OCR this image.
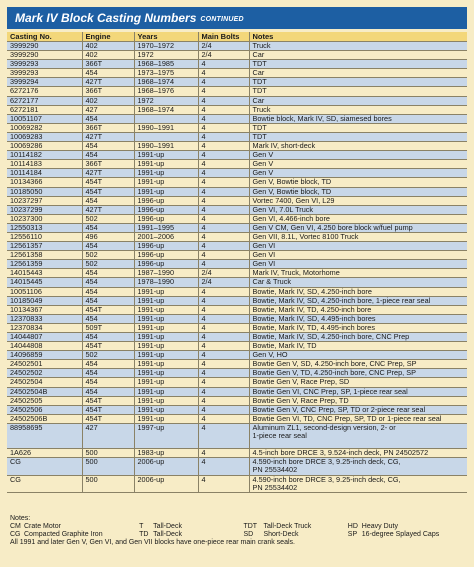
Mark IV Block Casting Numbers CONTINUED
Casting No.	Engine	Years	Main Bolts	Notes
3999290	402	1970–1972	2/4	Truck
3999290	402	1972	2/4	Car
3999293	366T	1968–1985	4	TDT
3999293	454	1973–1975	4	Car
3999294	427T	1968–1974	4	TDT
6272176	366T	1968–1976	4	TDT
6272177	402	1972	4	Car
6272181	427	1968–1974	4	Truck
10051107	454		4	Bowtie block, Mark IV, SD, siamesed bores
10069282	366T	1990–1991	4	TDT
10069283	427T		4	TDT
10069286	454	1990–1991	4	Mark IV, short-deck
10114182	454	1991-up	4	Gen V
10114183	366T	1991-up	4	Gen V
10114184	427T	1991-up	4	Gen V
10134366	454T	1991-up	4	Gen V, Bowtie block, TD
10185050	454T	1991-up	4	Gen V, Bowtie block, TD
10237297	454	1996-up	4	Vortec 7400, Gen VI, L29
10237299	427T	1996-up	4	Gen VI, 7.0L Truck
10237300	502	1996-up	4	Gen VI, 4.466-inch bore
12550313	454	1991–1995	4	Gen V CM, Gen VI, 4.250 bore block w/fuel pump
12556110	496	2001–2006	4	Gen VII, 8.1L, Vortec 8100 Truck
12561357	454	1996-up	4	Gen VI
12561358	502	1996-up	4	Gen VI
12561359	502	1996-up	4	Gen VI
14015443	454	1987–1990	2/4	Mark IV, Truck, Motorhome
14015445	454	1978–1990	2/4	Car & Truck
10051106	454	1991-up	4	Bowtie, Mark IV, SD, 4.250-inch bore
10185049	454	1991-up	4	Bowtie, Mark IV, SD, 4.250-inch bore, 1-piece rear seal
10134367	454T	1991-up	4	Bowtie, Mark IV, TD, 4.250-inch bore
12370833	454	1991-up	4	Bowtie, Mark IV, SD, 4.495-inch bores
12370834	509T	1991-up	4	Bowtie, Mark IV, TD, 4.495-inch bores
14044807	454	1991-up	4	Bowtie, Mark IV, SD, 4.250-inch bore, CNC Prep
14044808	454T	1991-up	4	Bowtie, Mark IV, TD
14096859	502	1991-up	4	Gen V, HO
24502501	454	1991-up	4	Bowtie Gen V, SD, 4.250-inch bore, CNC Prep, SP
24502502	454	1991-up	4	Bowtie Gen V, TD, 4.250-inch bore, CNC Prep, SP
24502504	454	1991-up	4	Bowtie Gen V, Race Prep, SD
24502504B	454	1991-up	4	Bowtie Gen VI, CNC Prep, SP, 1-piece rear seal
24502505	454T	1991-up	4	Bowtie Gen V, Race Prep, TD
24502506	454T	1991-up	4	Bowtie Gen V, CNC Prep, SP, TD or 2-piece rear seal
24502506B	454T	1991-up	4	Bowtie Gen VI, TD, CNC Prep, SP, TD or 1-piece rear seal
88958695	427	1997-up	4	Aluminum ZL1, second-design version, 2- or
1-piece rear seal
1A626	500	1983-up	4	4.5-inch bore DRCE 3, 9.524-inch deck, PN 24502572
CG	500	2006-up	4	4.590-inch bore DRCE 3, 9.25-inch deck, CG,
PN 25534402
CG	500	2006-up	4	4.590-inch bore DRCE 3, 9.25-inch deck, CG,
PN 25534402
Notes:
CM Crate Motor	T Tall-Deck	TDT Tall-Deck Truck	HD Heavy Duty
CG Compacted Graphite Iron	TD Tall-Deck	SD Short-Deck	SP 16-degree Splayed Caps
All 1991 and later Gen V, Gen VI, and Gen VII blocks have one-piece rear main crank seals.
